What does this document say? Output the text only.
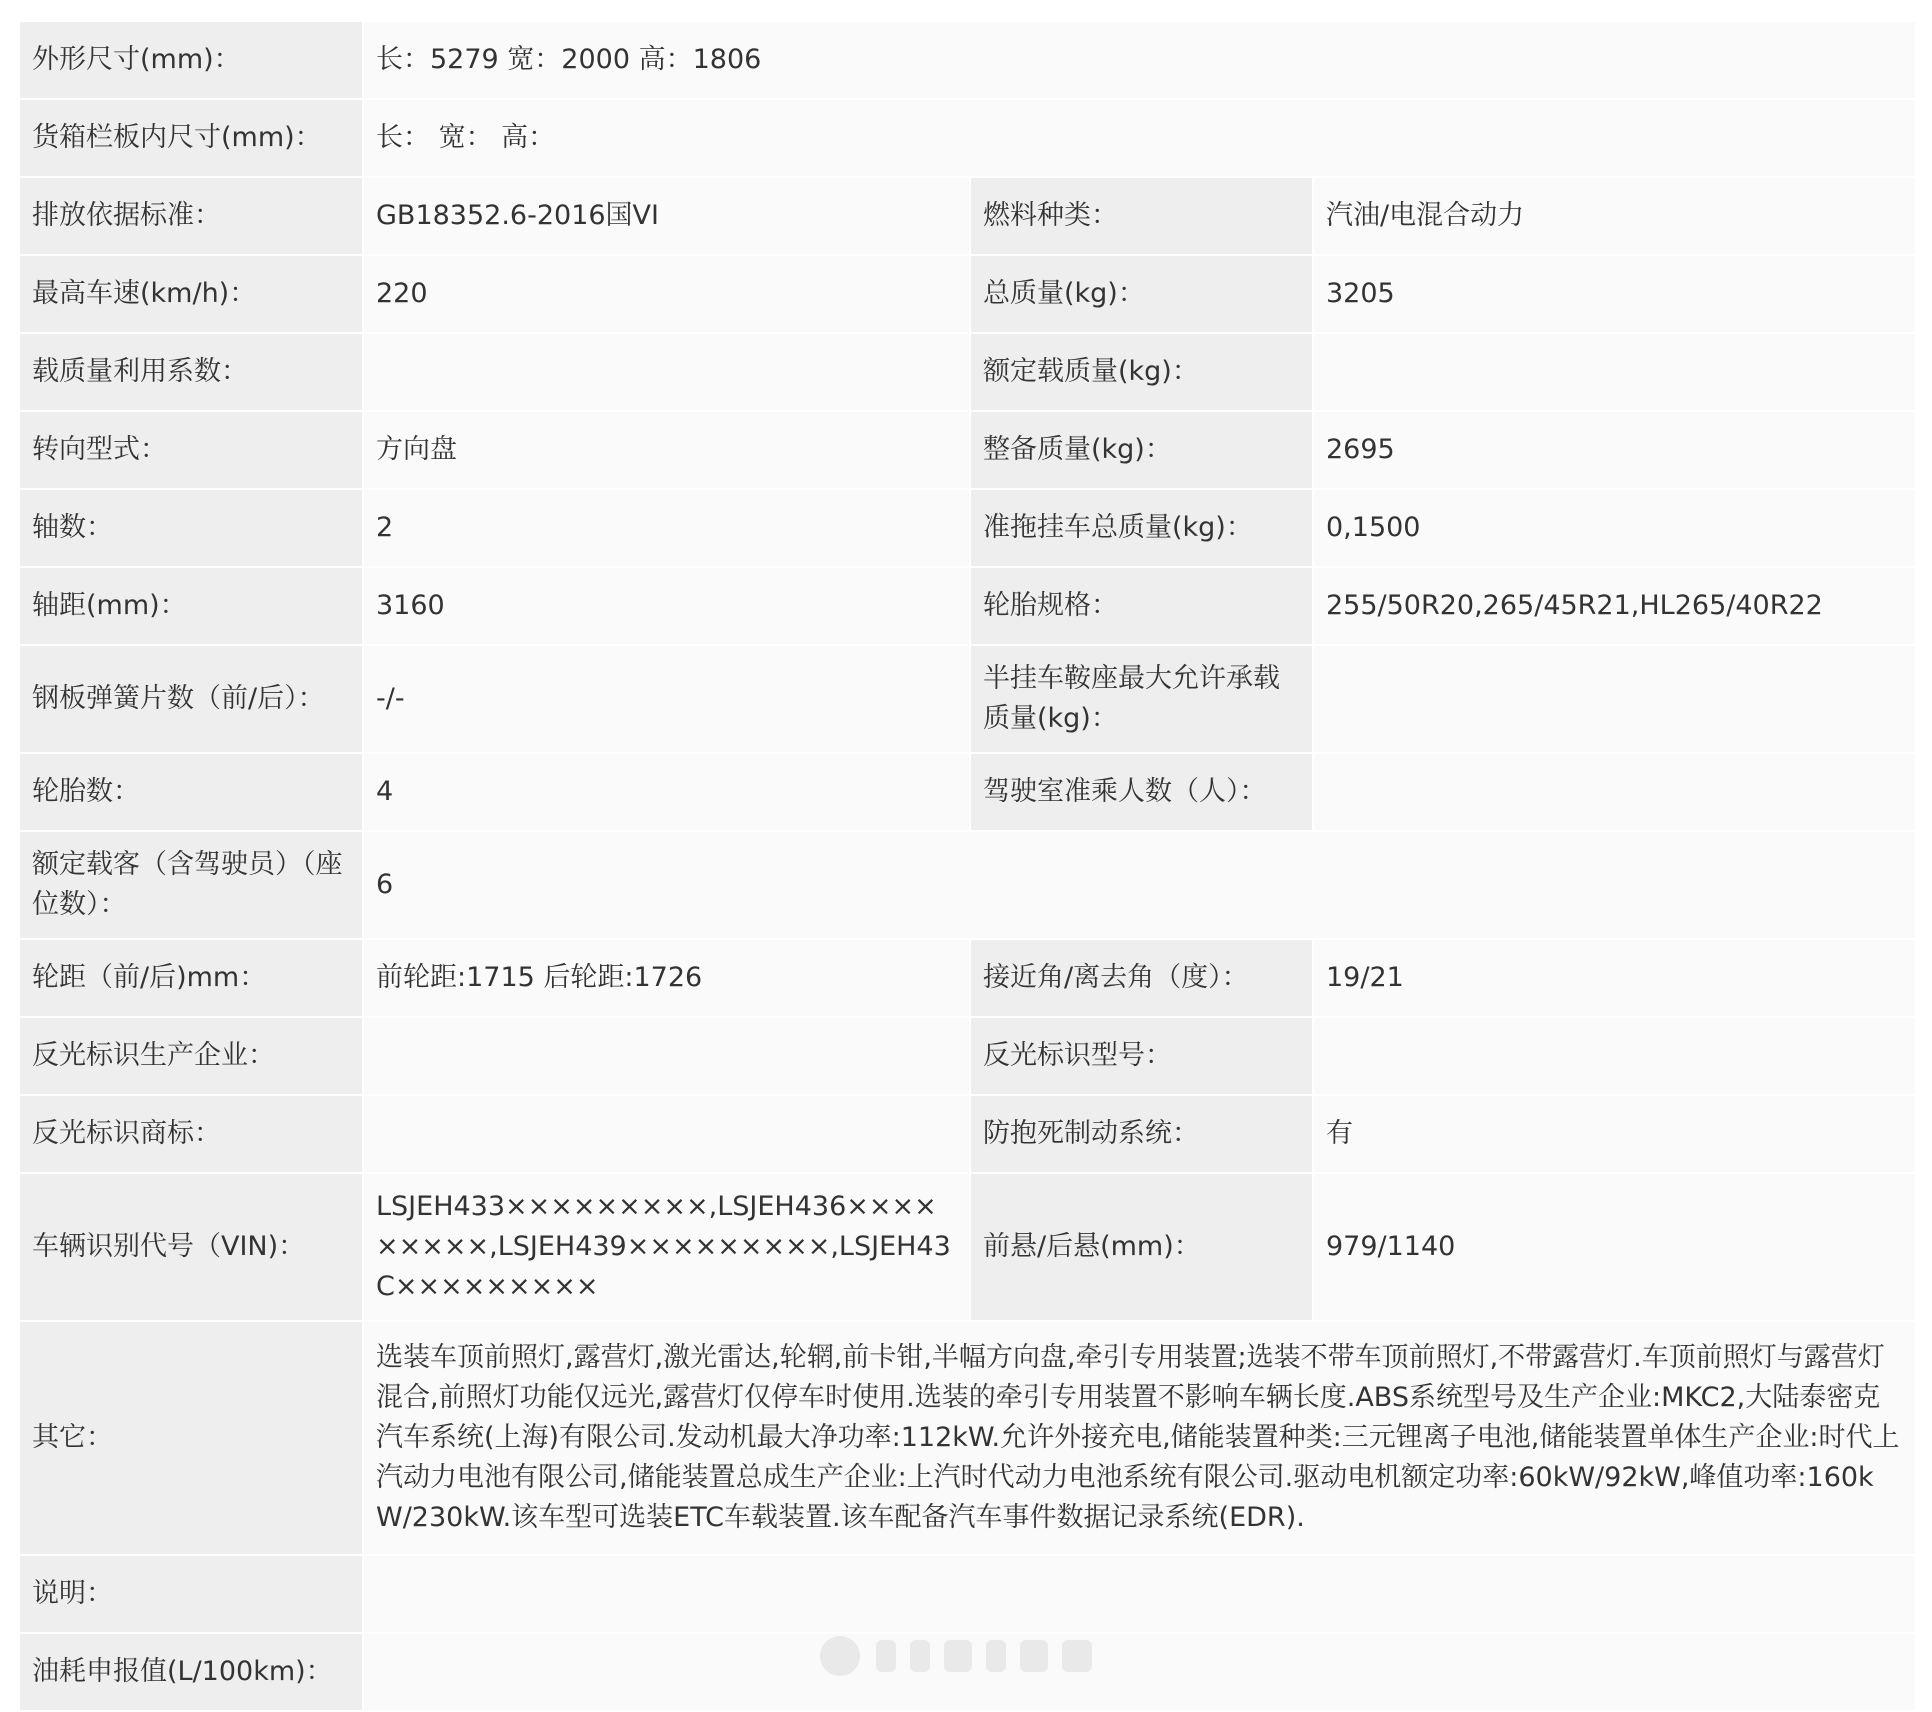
外形尺寸(mm)：	长：5279 宽：2000 高：1806		
货箱栏板内尺寸(mm)：	长： 宽： 高：		
排放依据标准：	GB18352.6-2016国VI	燃料种类：	汽油/电混合动力
最高车速(km/h)：	220	总质量(kg)：	3205
载质量利用系数：		额定载质量(kg)：	
转向型式：	方向盘	整备质量(kg)：	2695
轴数：	2	准拖挂车总质量(kg)：	0,1500
轴距(mm)：	3160	轮胎规格：	255/50R20,265/45R21,HL265/40R22
钢板弹簧片数（前/后）：	-/-	半挂车鞍座最大允许承载质量(kg)：	
轮胎数：	4	驾驶室准乘人数（人）：	
额定载客（含驾驶员）（座位数）：	6		
轮距（前/后)mm：	前轮距:1715 后轮距:1726	接近角/离去角（度）：	19/21
反光标识生产企业：		反光标识型号：	
反光标识商标：		防抱死制动系统：	有
车辆识别代号（VIN)：	LSJEH433×××××××××,LSJEH436×××××××××,LSJEH439×××××××××,LSJEH43C×××××××××	前悬/后悬(mm)：	979/1140
其它：	选装车顶前照灯,露营灯,激光雷达,轮辋,前卡钳,半幅方向盘,牵引专用装置;选装不带车顶前照灯,不带露营灯.车顶前照灯与露营灯混合,前照灯功能仅远光,露营灯仅停车时使用.选装的牵引专用装置不影响车辆长度.ABS系统型号及生产企业:MKC2,大陆泰密克汽车系统(上海)有限公司.发动机最大净功率:112kW.允许外接充电,储能装置种类:三元锂离子电池,储能装置单体生产企业:时代上汽动力电池有限公司,储能装置总成生产企业:上汽时代动力电池系统有限公司.驱动电机额定功率:60kW/92kW,峰值功率:160kW/230kW.该车型可选装ETC车载装置.该车配备汽车事件数据记录系统(EDR).		
说明：			
油耗申报值(L/100km)：			
